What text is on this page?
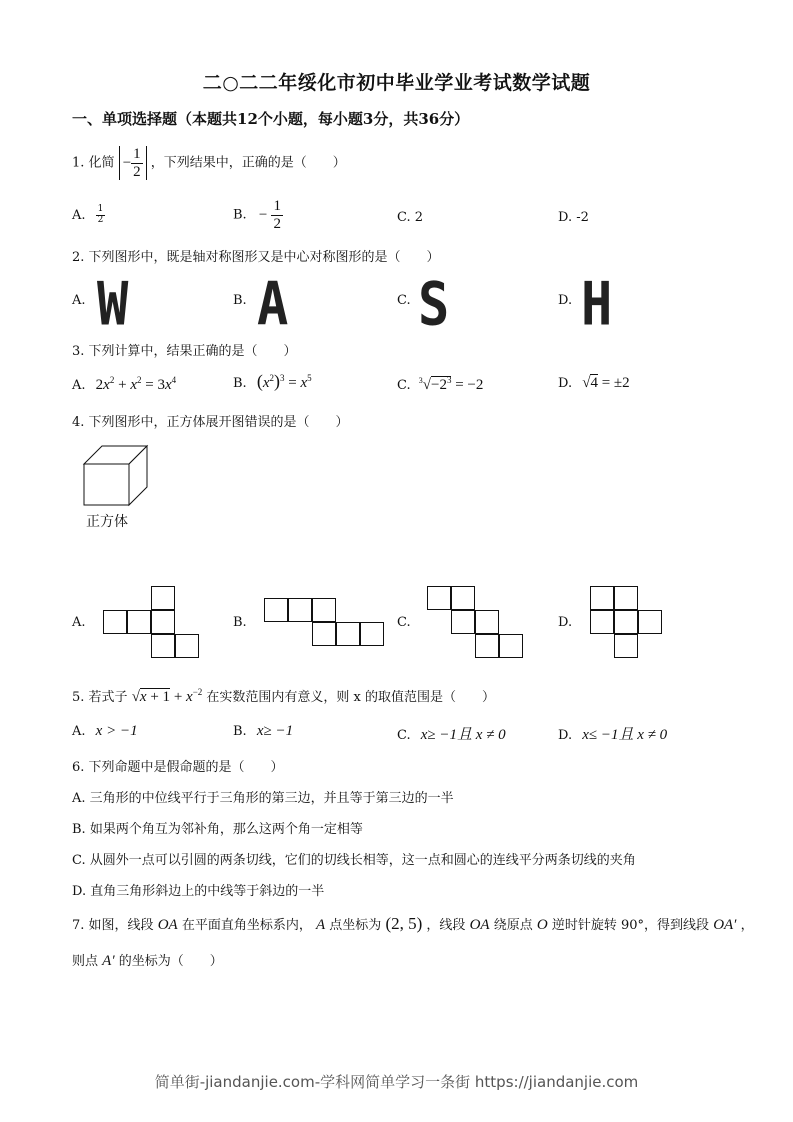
二○二二年绥化市初中毕业学业考试数学试题
一、单项选择题（本题共12个小题，每小题3分，共36分）
1. 化简 − $\frac{1}{2}$ ，下列结果中，正确的是（　　）
A. $\frac{1}{2}$	B. − $\frac{1}{2}$	C. 2	D. -2
2. 下列图形中，既是轴对称图形又是中心对称图形的是（　　）
A. W	B. A	C. S	D. H
3. 下列计算中，结果正确的是（　　）
A. $2x^2 + x^2 = 3x^4$	B. $(x^2)^3 = x^5$	C. $^3√-2^3 = -2$	D. √4 = ±2
4. 下列图形中，正方体展开图错误的是（　　）
正方体
A.	B.	C.	D.
5. 若式子 $√x + 1 + x^{-2}$ 在实数范围内有意义，则 x 的取值范围是（　　）
A. x > −1	B. x≥ −1	C. x≥ −1且 x ≠ 0	D. x≤ −1且 x ≠ 0
6. 下列命题中是假命题的是（　　）
A. 三角形的中位线平行于三角形的第三边，并且等于第三边的一半
B. 如果两个角互为邻补角，那么这两个角一定相等
C. 从圆外一点可以引圆的两条切线，它们的切线长相等，这一点和圆心的连线平分两条切线的夹角
D. 直角三角形斜边上的中线等于斜边的一半
7. 如图，线段 OA 在平面直角坐标系内， A 点坐标为 (2, 5) ，线段 OA 绕原点 O 逆时针旋转 90°，得到线段 OA′ ，
则点 A′ 的坐标为（　　）
简单街-jiandanjie.com-学科网简单学习一条街 https://jiandanjie.com
